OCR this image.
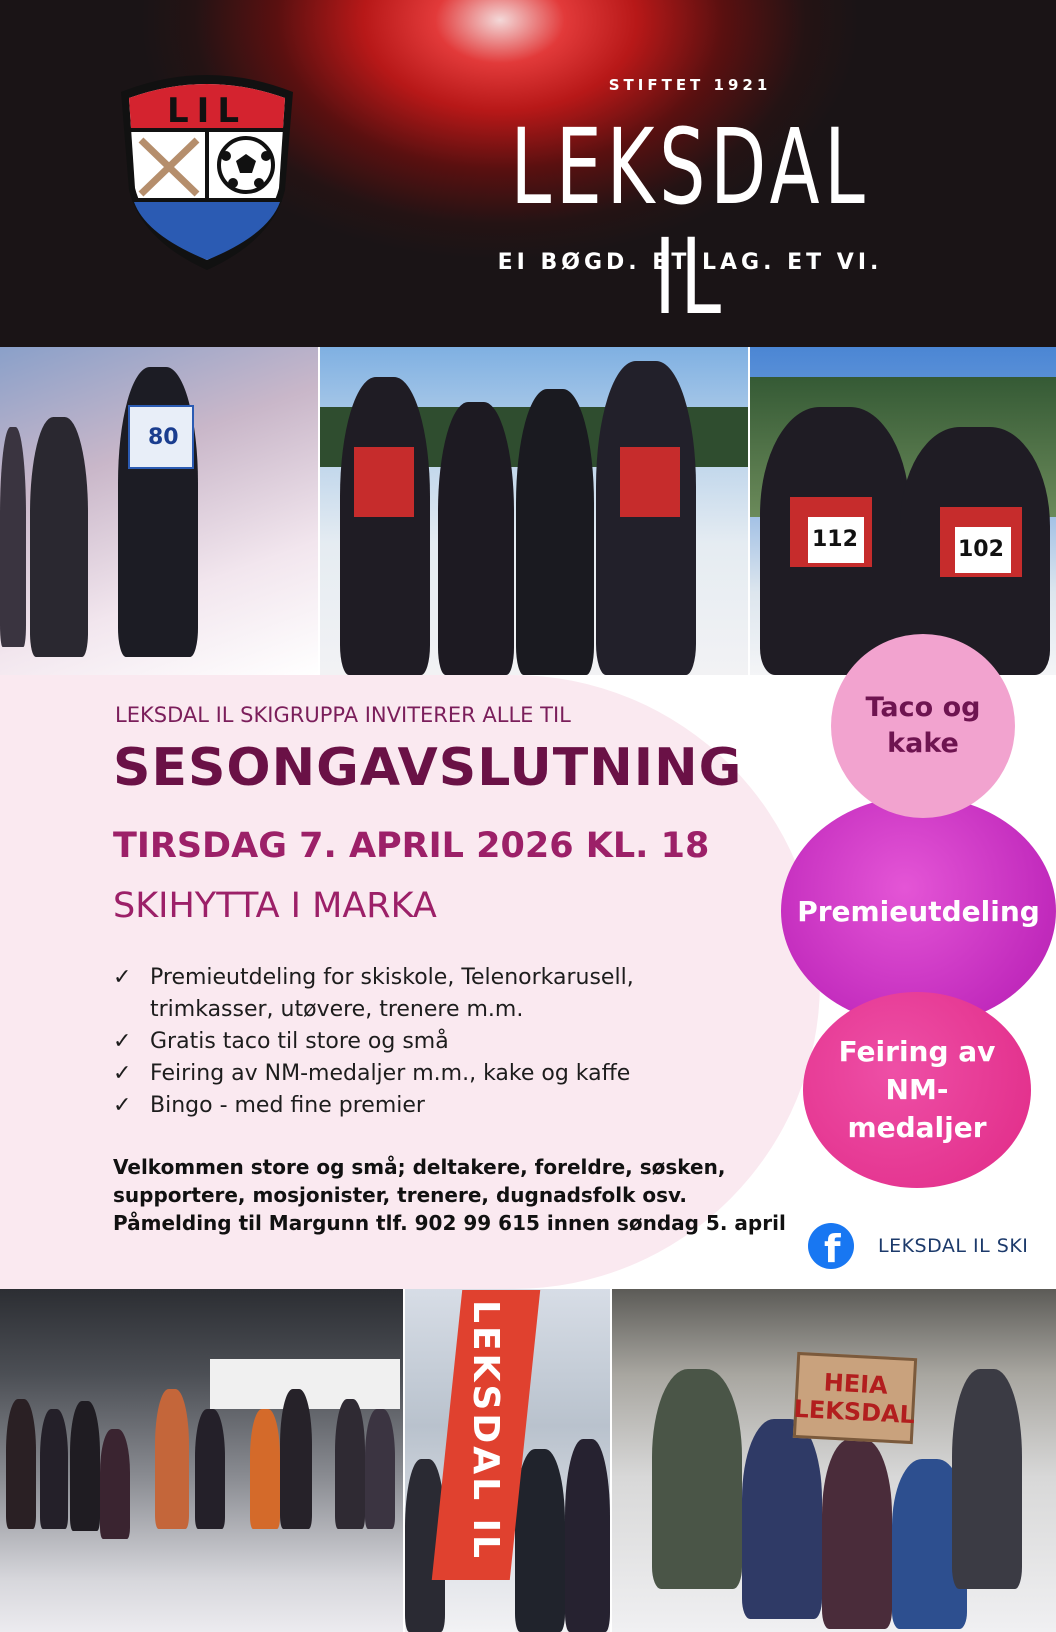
LIL
STIFTET 1921
LEKSDAL IL
EI BØGD. ET LAG. ET VI.
80
112	102
LEKSDAL IL SKIGRUPPA INVITERER ALLE TIL
SESONGAVSLUTNING
TIRSDAG 7. APRIL 2026 KL. 18
SKIHYTTA I MARKA
✓ Premieutdeling for skiskole, Telenorkarusell, trimkasser, utøvere, trenere m.m.
✓ Gratis taco til store og små
✓ Feiring av NM-medaljer m.m., kake og kaffe
✓ Bingo - med fine premier
Velkommen store og små; deltakere, foreldre, søsken,
supportere, mosjonister, trenere, dugnadsfolk osv.
Påmelding til Margunn tlf. 902 99 615 innen søndag 5. april
Premieutdeling
Taco og kake
Feiring av NM-medaljer
f LEKSDAL IL SKI
LEKSDAL IL	HEIA
LEKSDAL
